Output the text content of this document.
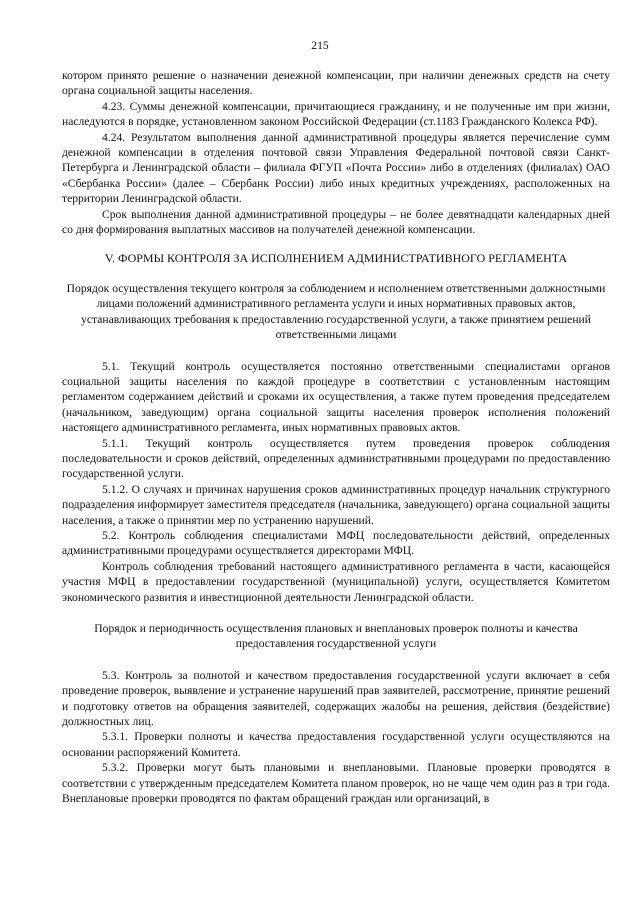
215

котором принято решение о назначении денежной компенсации, при наличии денежных средств на счету органа социальной защиты населения.

4.23. Суммы денежной компенсации, причитающиеся гражданину, и не полученные им при жизни, наследуются в порядке, установленном законом Российской Федерации (ст.1183 Гражданского Колекса РФ).

4.24. Результатом выполнения данной административной процедуры является перечисление сумм денежной компенсации в отделения почтовой связи Управления Федеральной почтовой связи Санкт-Петербурга и Ленинградской области – филиала ФГУП «Почта России» либо в отделениях (филиалах) ОАО «Сбербанка России» (далее – Сбербанк России) либо иных кредитных учреждениях, расположенных на территории Ленинградской области.

Срок выполнения данной административной процедуры – не более девятнадцати календарных дней со дня формирования выплатных массивов на получателей денежной компенсации.

V. ФОРМЫ КОНТРОЛЯ ЗА ИСПОЛНЕНИЕМ АДМИНИСТРАТИВНОГО РЕГЛАМЕНТА
Порядок осуществления текущего контроля за соблюдением и исполнением ответственными должностными лицами положений административного регламента услуги и иных нормативных правовых актов, устанавливающих требования к предоставлению государственной услуги, а также принятием решений ответственными лицами

5.1. Текущий контроль осуществляется постоянно ответственными специалистами органов социальной защиты населения по каждой процедуре в соответствии с установленным настоящим регламентом содержанием действий и сроками их осуществления, а также путем проведения председателем (начальником, заведующим) органа социальной защиты населения проверок исполнения положений настоящего административного регламента, иных нормативных правовых актов.

5.1.1. Текущий контроль осуществляется путем проведения проверок соблюдения последовательности и сроков действий, определенных административными процедурами по предоставлению государственной услуги.

5.1.2. О случаях и причинах нарушения сроков административных процедур начальник структурного подразделения информирует заместителя председателя (начальника, заведующего) органа социальной защиты населения, а также о принятии мер по устранению нарушений.

5.2. Контроль соблюдения специалистами МФЦ последовательности действий, определенных административными процедурами осуществляется директорами МФЦ.

Контроль соблюдения требований настоящего административного регламента в части, касающейся участия МФЦ в предоставлении государственной (муниципальной) услуги, осуществляется Комитетом экономического развития и инвестиционной деятельности Ленинградской области.

Порядок и периодичность осуществления плановых и внеплановых проверок полноты и качества предоставления государственной услуги

5.3. Контроль за полнотой и качеством предоставления государственной услуги включает в себя проведение проверок, выявление и устранение нарушений прав заявителей, рассмотрение, принятие решений и подготовку ответов на обращения заявителей, содержащих жалобы на решения, действия (бездействие) должностных лиц.

5.3.1. Проверки полноты и качества предоставления государственной услуги осуществляются на основании распоряжений Комитета.

5.3.2. Проверки могут быть плановыми и внеплановыми. Плановые проверки проводятся в соответствии с утвержденным председателем Комитета планом проверок, но не чаще чем один раз в три года. Внеплановые проверки проводятся по фактам обращений граждан или организаций, в
